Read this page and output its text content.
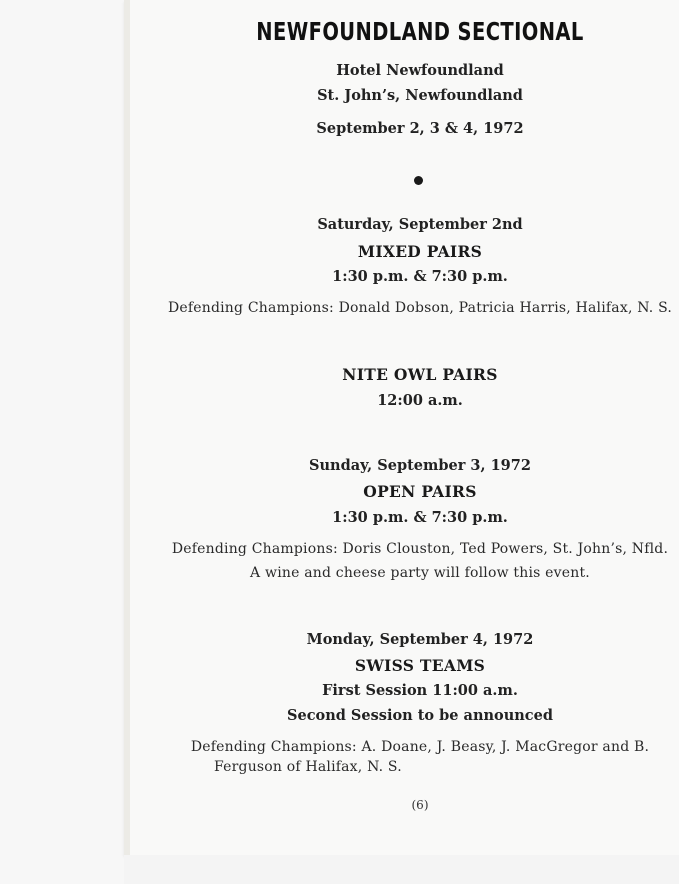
NEWFOUNDLAND SECTIONAL
Hotel Newfoundland
St. John’s, Newfoundland
September 2, 3 & 4, 1972
Saturday, September 2nd
MIXED PAIRS
1:30 p.m. & 7:30 p.m.
Defending Champions: Donald Dobson, Patricia Harris, Halifax, N. S.
NITE OWL PAIRS
12:00 a.m.
Sunday, September 3, 1972
OPEN PAIRS
1:30 p.m. & 7:30 p.m.
Defending Champions: Doris Clouston, Ted Powers, St. John’s, Nfld.
A wine and cheese party will follow this event.
Monday, September 4, 1972
SWISS TEAMS
First Session 11:00 a.m.
Second Session to be announced
Defending Champions: A. Doane, J. Beasy, J. MacGregor and B.
Ferguson of Halifax, N. S.
(6)
